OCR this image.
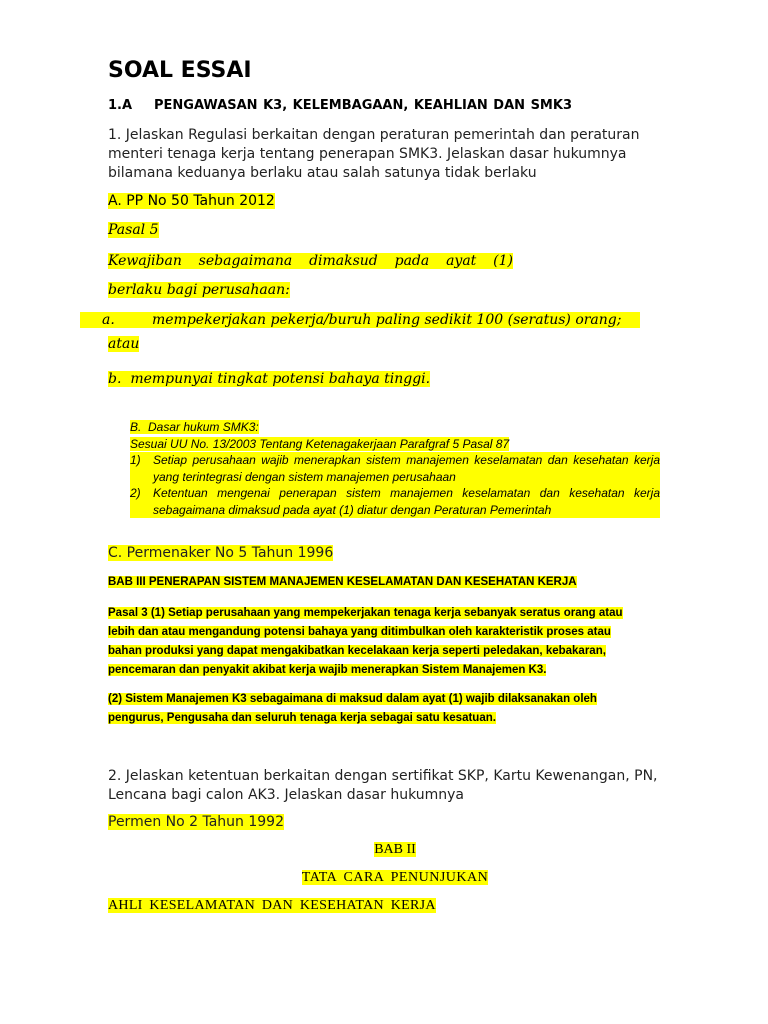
SOAL ESSAI
1.A PENGAWASAN K3, KELEMBAGAAN, KEAHLIAN DAN SMK3
1. Jelaskan Regulasi berkaitan dengan peraturan pemerintah dan peraturan menteri tenaga kerja tentang penerapan SMK3. Jelaskan dasar hukumnya bilamana keduanya berlaku atau salah satunya tidak berlaku
A. PP No 50 Tahun 2012
Pasal 5
Kewajiban sebagaimana dimaksud pada ayat (1)
berlaku bagi perusahaan:
a.	mempekerjakan pekerja/buruh paling sedikit 100 (seratus) orang;
atau
b.  mempunyai tingkat potensi bahaya tinggi.
B.  Dasar hukum SMK3:
Sesuai UU No. 13/2003 Tentang Ketenagakerjaan Parafgraf 5 Pasal 87
1)	Setiap perusahaan wajib menerapkan sistem manajemen keselamatan dan kesehatan kerja yang terintegrasi dengan sistem manajemen perusahaan
2)	Ketentuan mengenai penerapan sistem manajemen keselamatan dan kesehatan kerja sebagaimana dimaksud pada ayat (1) diatur dengan Peraturan Pemerintah
C. Permenaker No 5 Tahun 1996
BAB III PENERAPAN SISTEM MANAJEMEN KESELAMATAN DAN KESEHATAN KERJA
Pasal 3 (1) Setiap perusahaan yang mempekerjakan tenaga kerja sebanyak seratus orang atau lebih dan atau mengandung potensi bahaya yang ditimbulkan oleh karakteristik proses atau bahan produksi yang dapat mengakibatkan kecelakaan kerja seperti peledakan, kebakaran, pencemaran dan penyakit akibat kerja wajib menerapkan Sistem Manajemen K3.
(2) Sistem Manajemen K3 sebagaimana di maksud dalam ayat (1) wajib dilaksanakan oleh pengurus, Pengusaha dan seluruh tenaga kerja sebagai satu kesatuan.
2. Jelaskan ketentuan berkaitan dengan sertifikat SKP, Kartu Kewenangan, PN, Lencana bagi calon AK3. Jelaskan dasar hukumnya
Permen No 2 Tahun 1992
BAB II
TATA CARA PENUNJUKAN
AHLI KESELAMATAN DAN KESEHATAN KERJA
